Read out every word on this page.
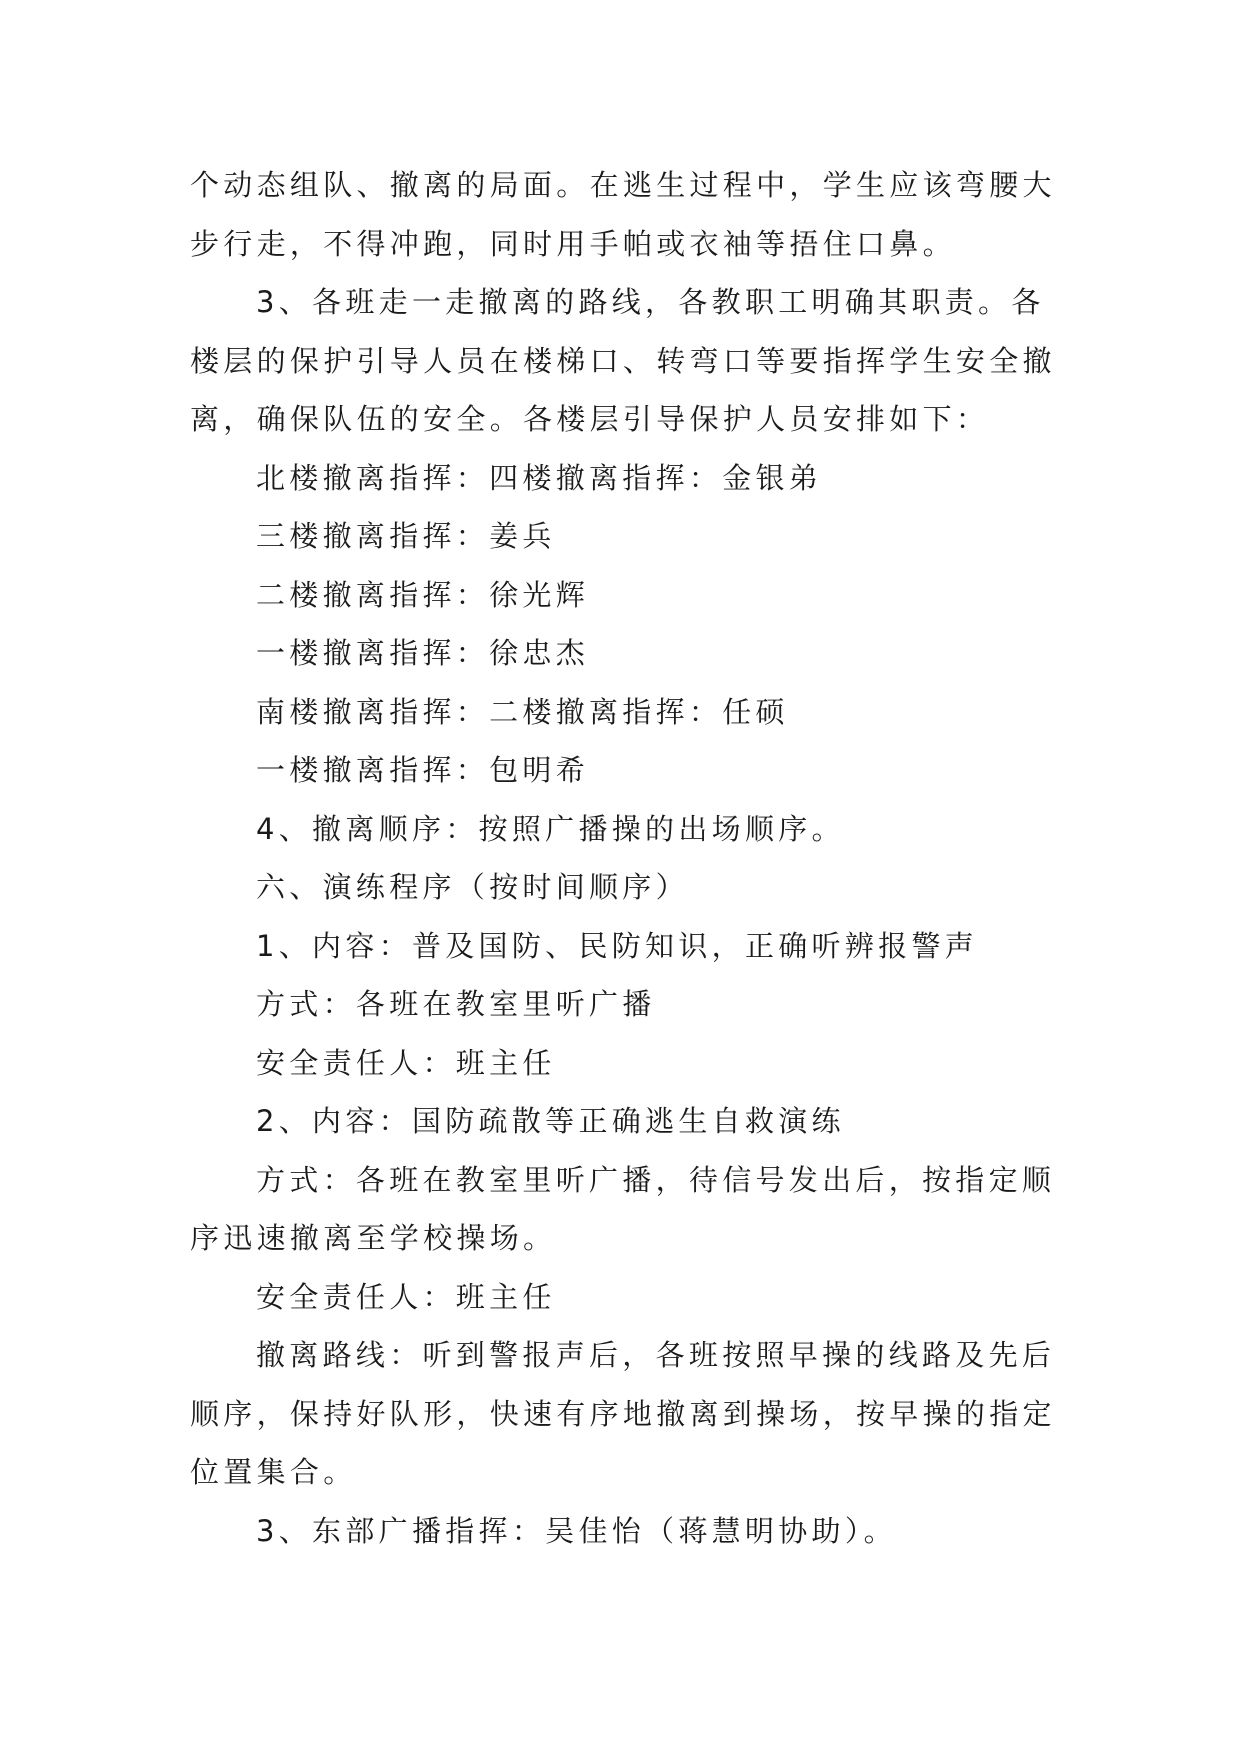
个动态组队、撤离的局面。在逃生过程中，学生应该弯腰大
步行走，不得冲跑，同时用手帕或衣袖等捂住口鼻。
3、各班走一走撤离的路线，各教职工明确其职责。各
楼层的保护引导人员在楼梯口、转弯口等要指挥学生安全撤
离，确保队伍的安全。各楼层引导保护人员安排如下：
北楼撤离指挥：四楼撤离指挥：金银弟
三楼撤离指挥：姜兵
二楼撤离指挥：徐光辉
一楼撤离指挥：徐忠杰
南楼撤离指挥：二楼撤离指挥：任硕
一楼撤离指挥：包明希
4、撤离顺序：按照广播操的出场顺序。
六、演练程序（按时间顺序）
1、内容：普及国防、民防知识，正确听辨报警声
方式：各班在教室里听广播
安全责任人：班主任
2、内容：国防疏散等正确逃生自救演练
方式：各班在教室里听广播，待信号发出后，按指定顺
序迅速撤离至学校操场。
安全责任人：班主任
撤离路线：听到警报声后，各班按照早操的线路及先后
顺序，保持好队形，快速有序地撤离到操场，按早操的指定
位置集合。
3、东部广播指挥：吴佳怡（蒋慧明协助）。
